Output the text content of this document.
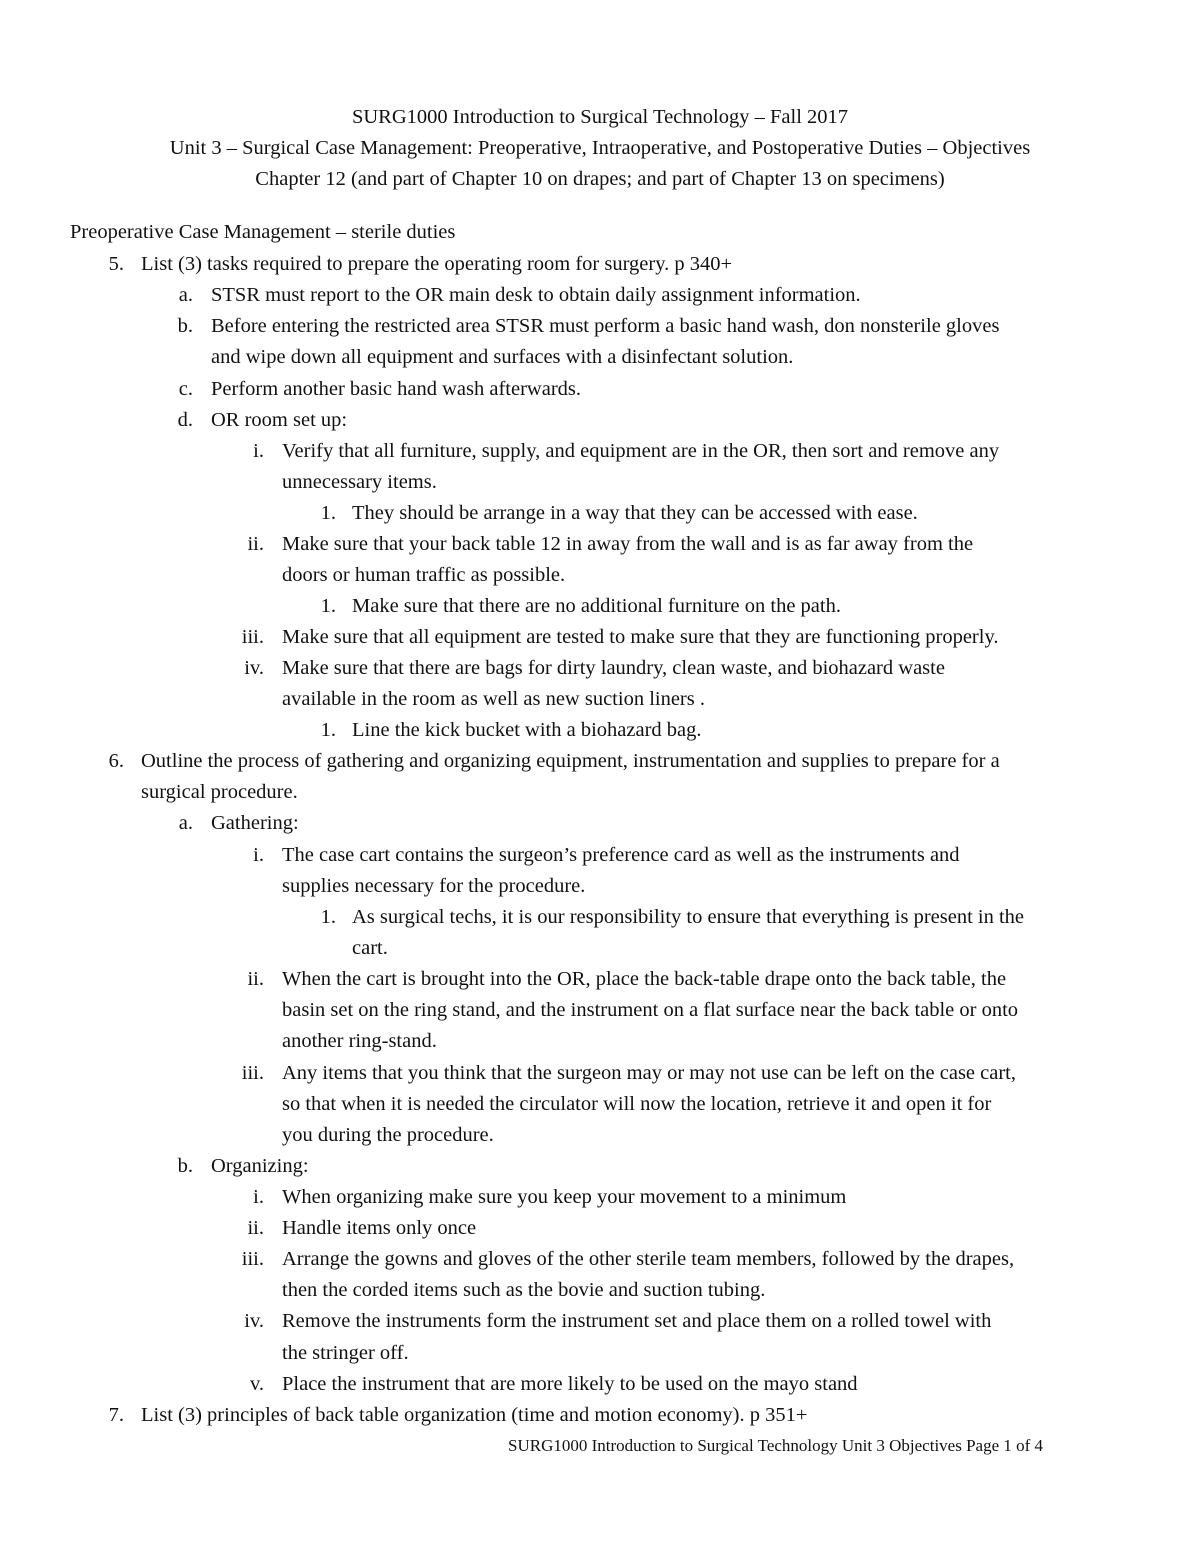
SURG1000 Introduction to Surgical Technology – Fall 2017
Unit 3 – Surgical Case Management: Preoperative, Intraoperative, and Postoperative Duties – Objectives
Chapter 12 (and part of Chapter 10 on drapes; and part of Chapter 13 on specimens)
Preoperative Case Management – sterile duties
5. List (3) tasks required to prepare the operating room for surgery. p 340+
a. STSR must report to the OR main desk to obtain daily assignment information.
b. Before entering the restricted area STSR must perform a basic hand wash, don nonsterile gloves
and wipe down all equipment and surfaces with a disinfectant solution.
c. Perform another basic hand wash afterwards.
d. OR room set up:
i. Verify that all furniture, supply, and equipment are in the OR, then sort and remove any
unnecessary items.
1. They should be arrange in a way that they can be accessed with ease.
ii. Make sure that your back table 12 in away from the wall and is as far away from the
doors or human traffic as possible.
1. Make sure that there are no additional furniture on the path.
iii. Make sure that all equipment are tested to make sure that they are functioning properly.
iv. Make sure that there are bags for dirty laundry, clean waste, and biohazard waste
available in the room as well as new suction liners .
1. Line the kick bucket with a biohazard bag.
6. Outline the process of gathering and organizing equipment, instrumentation and supplies to prepare for a
surgical procedure.
a. Gathering:
i. The case cart contains the surgeon’s preference card as well as the instruments and
supplies necessary for the procedure.
1. As surgical techs, it is our responsibility to ensure that everything is present in the
cart.
ii. When the cart is brought into the OR, place the back-table drape onto the back table, the
basin set on the ring stand, and the instrument on a flat surface near the back table or onto
another ring-stand.
iii. Any items that you think that the surgeon may or may not use can be left on the case cart,
so that when it is needed the circulator will now the location, retrieve it and open it for
you during the procedure.
b. Organizing:
i. When organizing make sure you keep your movement to a minimum
ii. Handle items only once
iii. Arrange the gowns and gloves of the other sterile team members, followed by the drapes,
then the corded items such as the bovie and suction tubing.
iv. Remove the instruments form the instrument set and place them on a rolled towel with
the stringer off.
v. Place the instrument that are more likely to be used on the mayo stand
7. List (3) principles of back table organization (time and motion economy). p 351+
SURG1000 Introduction to Surgical Technology Unit 3 Objectives Page 1 of 4
